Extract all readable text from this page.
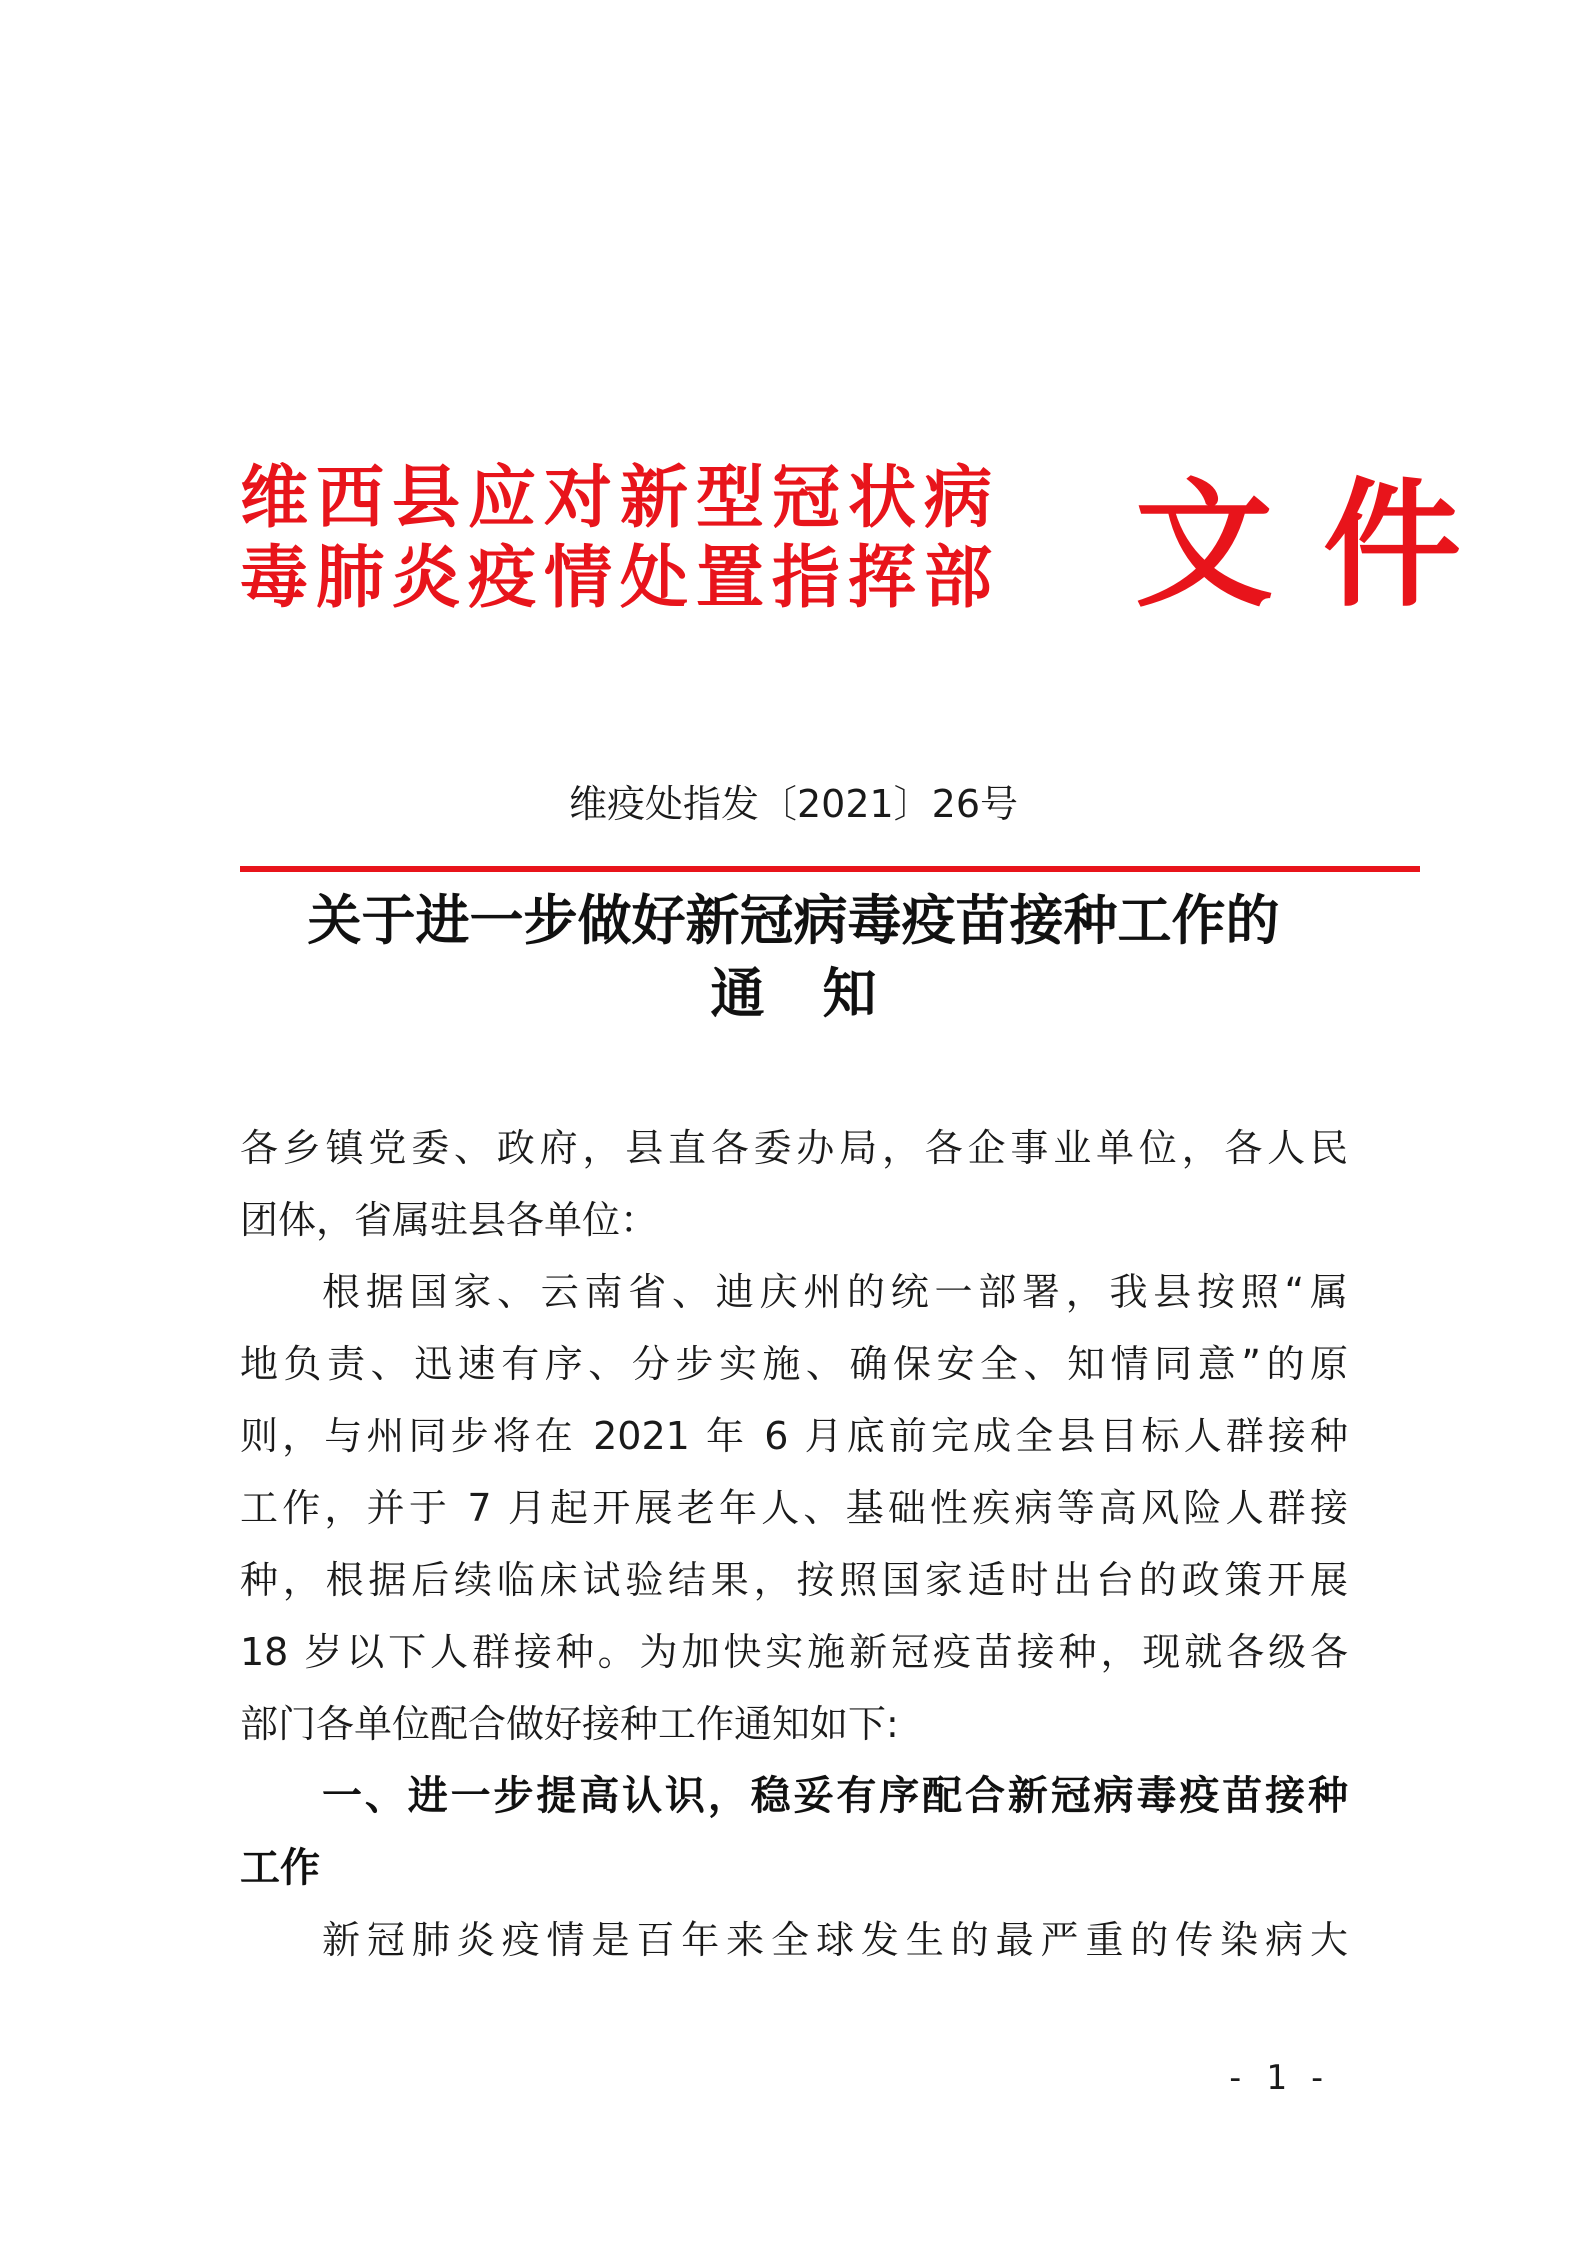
维西县应对新型冠状病
毒肺炎疫情处置指挥部 文件
维疫处指发〔2021〕26号
关于进一步做好新冠病毒疫苗接种工作的
通知
各乡镇党委、政府，县直各委办局，各企事业单位，各人民
团体，省属驻县各单位：
根据国家、云南省、迪庆州的统一部署，我县按照“属
地负责、迅速有序、分步实施、确保安全、知情同意”的原
则，与州同步将在 2021 年 6 月底前完成全县目标人群接种
工作，并于 7 月起开展老年人、基础性疾病等高风险人群接
种，根据后续临床试验结果，按照国家适时出台的政策开展
18 岁以下人群接种。为加快实施新冠疫苗接种，现就各级各
部门各单位配合做好接种工作通知如下:
一、进一步提高认识，稳妥有序配合新冠病毒疫苗接种
工作
新冠肺炎疫情是百年来全球发生的最严重的传染病大
- 1 -
